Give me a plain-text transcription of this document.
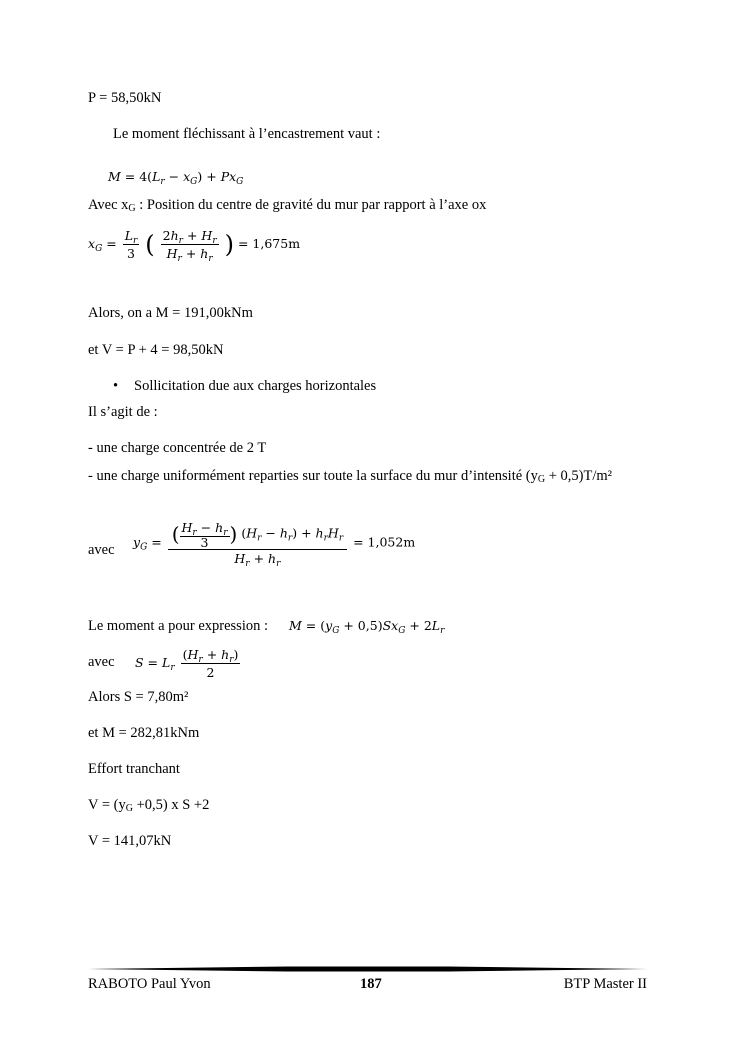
P = 58,50kN
Le moment fléchissant à l’encastrement vaut :
$M = 4(L_r - x_G) + Px_G$
Avec xG : Position du centre de gravité du mur par rapport à l’axe ox
$x_G = \frac{L_r}{3}$ ( $\frac{2h_r + H_r}{H_r + h_r}$ ) = 1,675m
Alors, on a M = 191,00kNm
et V = P + 4 = 98,50kN
• Sollicitation due aux charges horizontales
Il s’agit de :
- une charge concentrée de 2 T
- une charge uniformément reparties sur toute la surface du mur d’intensité (yG + 0,5)T/m²
avec $y_G = \frac{( \frac{H_r - h_r}{3} ) (H_r - h_r) + h_rH_r}{H_r + h_r} = 1,052m$
Le moment a pour expression : $M = (y_G + 0,5)Sx_G + 2L_r$
avec $S = L_r \frac{(H_r + h_r)}{2}$
Alors S = 7,80m²
et M = 282,81kNm
Effort tranchant
V = (yG +0,5) x S +2
V = 141,07kN
RABOTO Paul Yvon	187	BTP Master II
